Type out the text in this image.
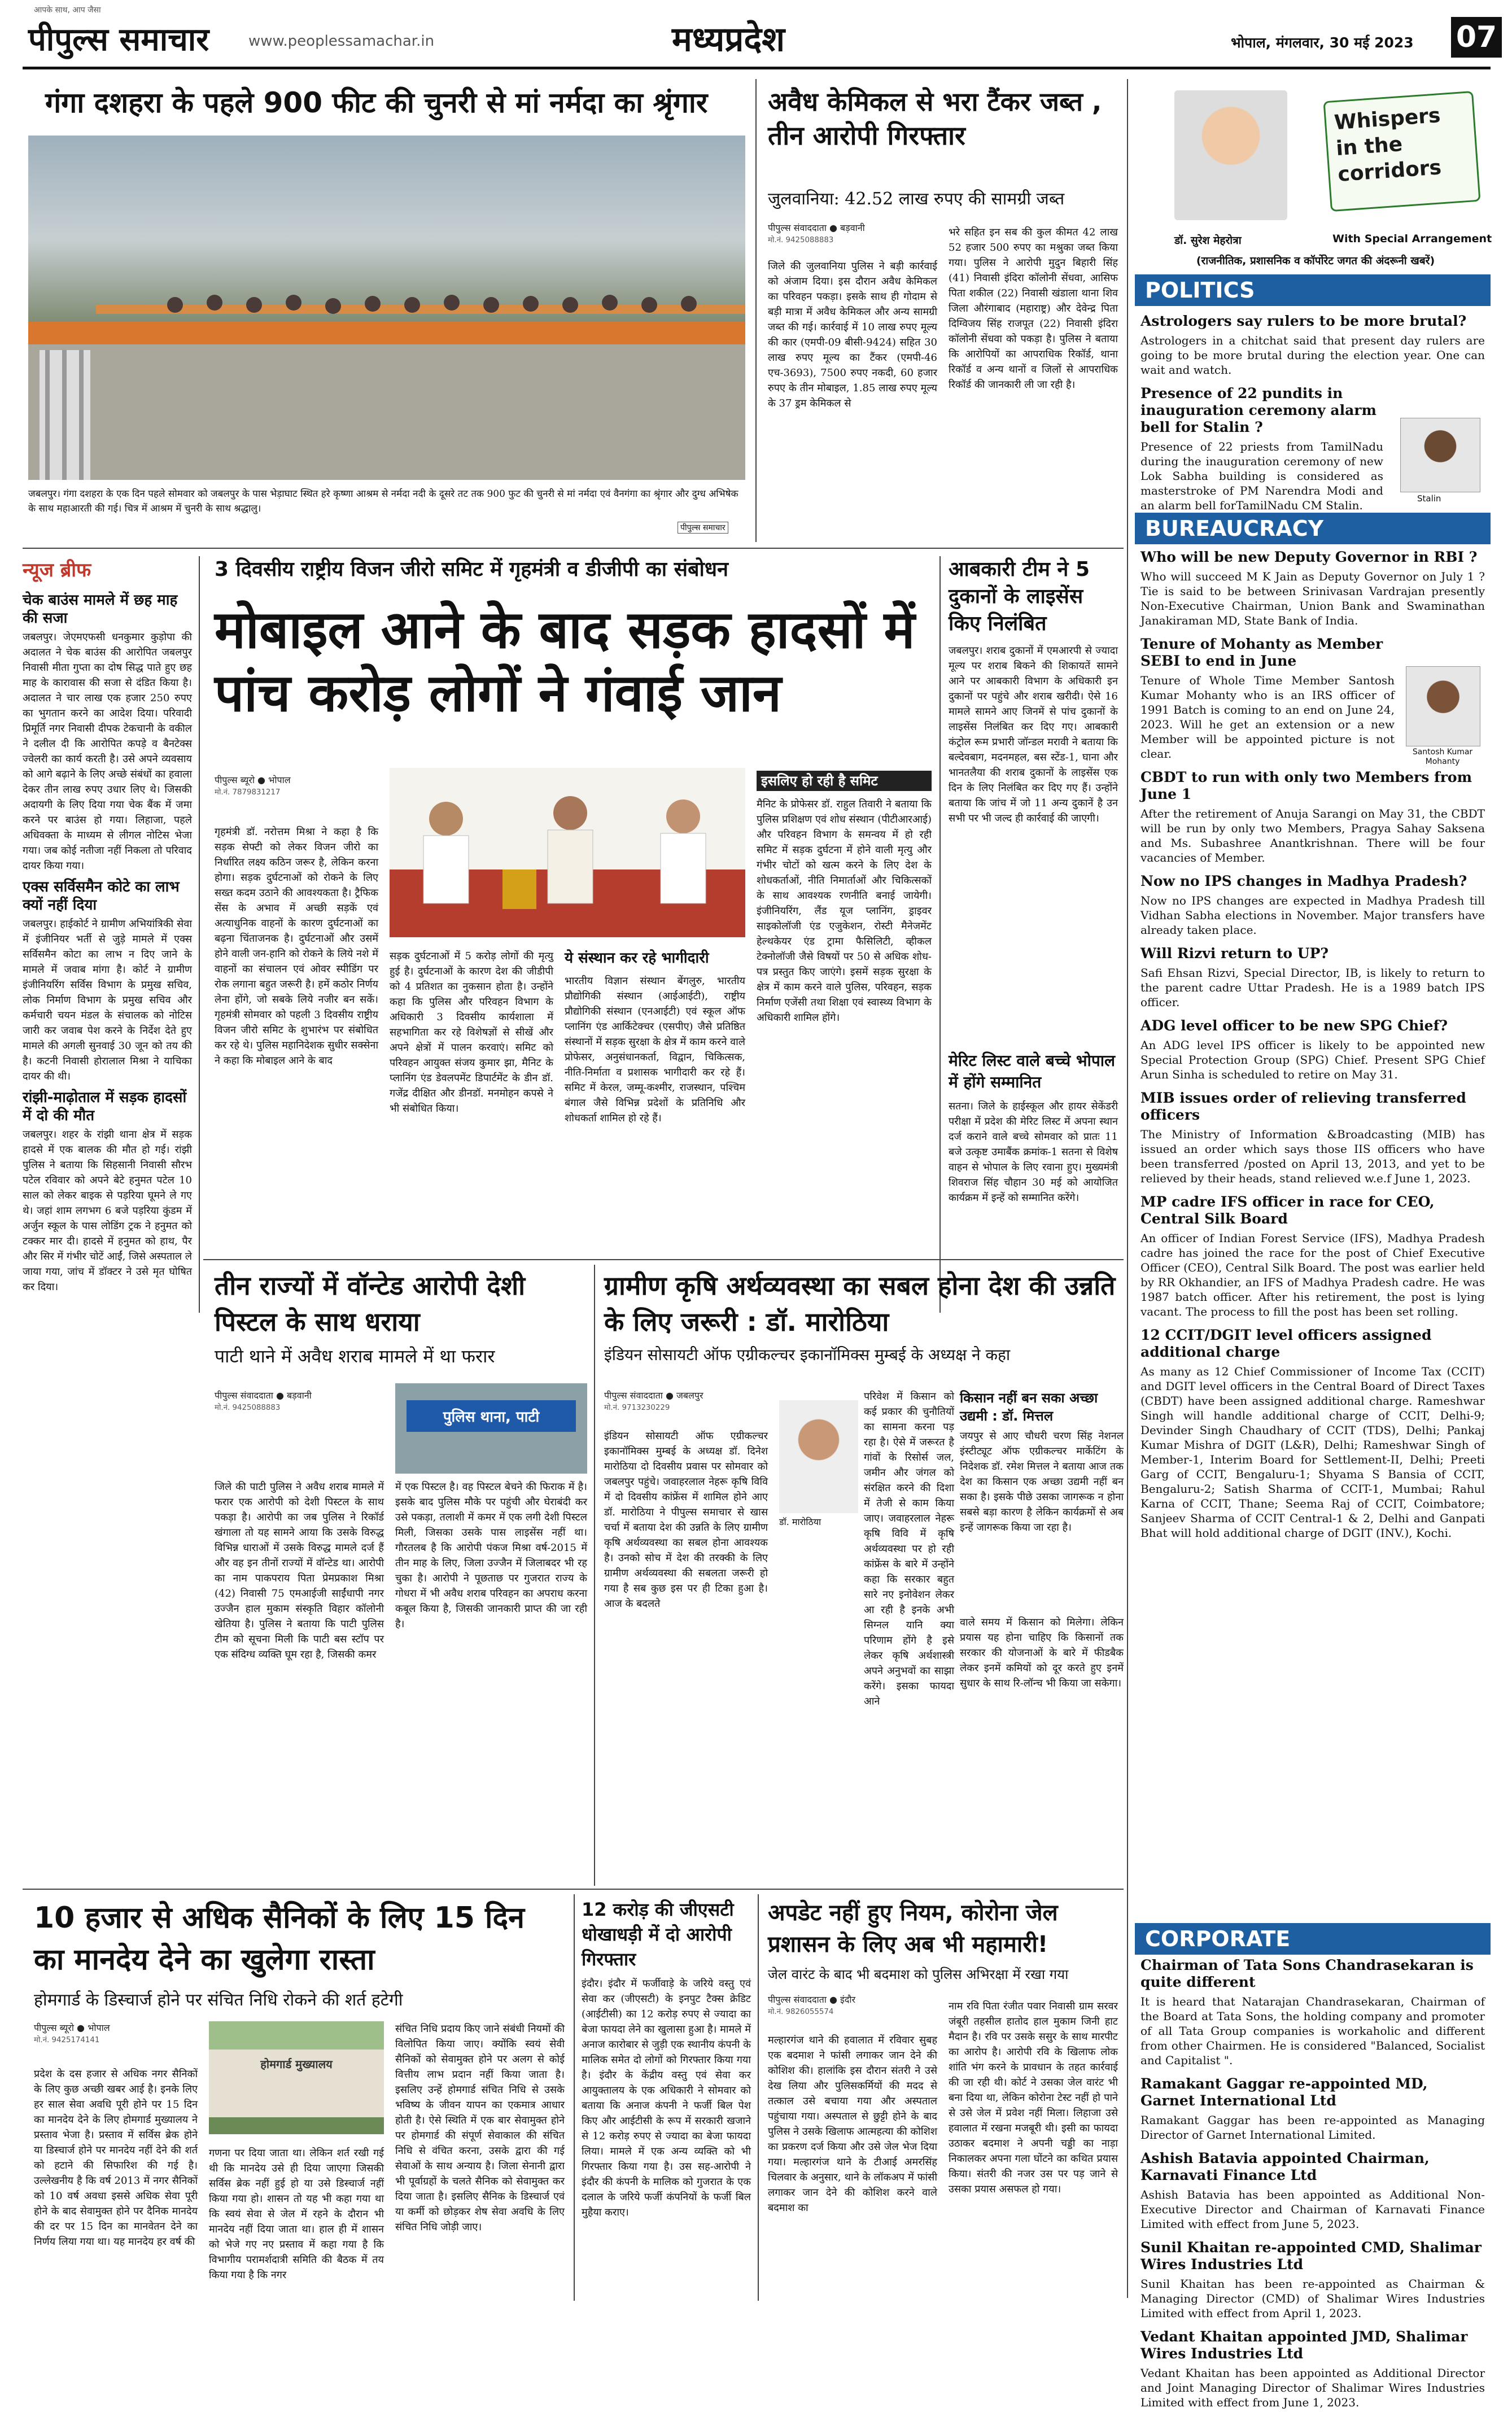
पीपुल्स समाचार
आपके साथ, आप जैसा
www.peoplessamachar.in	मध्यप्रदेश	भोपाल, मंगलवार, 30 मई 2023 07
गंगा दशहरा के पहले 900 फीट की चुनरी से मां नर्मदा का श्रृंगार
जबलपुर। गंगा दशहरा के एक दिन पहले सोमवार को जबलपुर के पास भेड़ाघाट स्थित हरे कृष्णा आश्रम से नर्मदा नदी के दूसरे तट तक 900 फुट की चुनरी से मां नर्मदा एवं वैनगंगा का श्रृंगार और दुग्ध अभिषेक के साथ महाआरती की गई। चित्र में आश्रम में चुनरी के साथ श्रद्धालु।
पीपुल्स समाचार
अवैध केमिकल से भरा टैंकर जब्त , तीन आरोपी गिरफ्तार
जुलवानिया: 42.52 लाख रुपए की सामग्री जब्त
पीपुल्स संवाददाता ● बड़वानी
मो.नं. 9425088883
जिले की जुलवानिया पुलिस ने बड़ी कार्रवाई को अंजाम दिया। इस दौरान अवैध केमिकल का परिवहन पकड़ा। इसके साथ ही गोदाम से बड़ी मात्रा में अवैध केमिकल और अन्य सामग्री जब्त की गई। कार्रवाई में 10 लाख रुपए मूल्य की कार (एमपी-09 बीसी-9424) सहित 30 लाख रुपए मूल्य का टैंकर (एमपी-46 एच-3693), 7500 रुपए नकदी, 60 हजार रुपए के तीन मोबाइल, 1.85 लाख रुपए मूल्य के 37 ड्रम केमिकल से
भरे सहित इन सब की कुल कीमत 42 लाख 52 हजार 500 रुपए का मश्रुका जब्त किया गया। पुलिस ने आरोपी मुदुन बिहारी सिंह (41) निवासी इंदिरा कॉलोनी सेंधवा, आसिफ पिता शकील (22) निवासी खंडाला थाना शिव जिला औरंगाबाद (महाराष्ट्र) और देवेन्द्र पिता दिग्विजय सिंह राजपूत (22) निवासी इंदिरा कॉलोनी सेंधवा को पकड़ा है। पुलिस ने बताया कि आरोपियों का आपराधिक रिकॉर्ड, थाना रिकॉर्ड व अन्य थानों व जिलों से आपराधिक रिकॉर्ड की जानकारी ली जा रही है।
Whispers in the corridors
डॉ. सुरेश मेहरोत्रा	With Special Arrangement
(राजनीतिक, प्रशासनिक व कॉर्पोरेट जगत की अंदरूनी खबरें)
POLITICS
Astrologers say rulers to be more brutal?
Astrologers in a chitchat said that present day rulers are going to be more brutal during the election year. One can wait and watch.
Presence of 22 pundits in inauguration ceremony alarm bell for Stalin ?
Presence of 22 priests from TamilNadu during the inauguration ceremony of new Lok Sabha building is considered as masterstroke of PM Narendra Modi and an alarm bell forTamilNadu CM Stalin.	Stalin
BUREAUCRACY
Who will be new Deputy Governor in RBI ?
Who will succeed M K Jain as Deputy Governor on July 1 ? Tie is said to be between Srinivasan Vardrajan presently Non-Executive Chairman, Union Bank and Swaminathan Janakiraman MD, State Bank of India.
Tenure of Mohanty as Member SEBI to end in June
Tenure of Whole Time Member Santosh Kumar Mohanty who is an IRS officer of 1991 Batch is coming to an end on June 24, 2023. Will he get an extension or a new Member will be appointed picture is not clear.
CBDT to run with only two Members from June 1
After the retirement of Anuja Sarangi on May 31, the CBDT will be run by only two Members, Pragya Sahay Saksena and Ms. Subashree Anantkrishnan. There will be four vacancies of Member.
Now no IPS changes in Madhya Pradesh?
Now no IPS changes are expected in Madhya Pradesh till Vidhan Sabha elections in November. Major transfers have already taken place.
Will Rizvi return to UP?
Safi Ehsan Rizvi, Special Director, IB, is likely to return to the parent cadre Uttar Pradesh. He is a 1989 batch IPS officer.
ADG level officer to be new SPG Chief?
An ADG level IPS officer is likely to be appointed new Special Protection Group (SPG) Chief. Present SPG Chief Arun Sinha is scheduled to retire on May 31.
MIB issues order of relieving transferred officers
The Ministry of Information &Broadcasting (MIB) has issued an order which says those IIS officers who have been transferred /posted on April 13, 2013, and yet to be relieved by their heads, stand relieved w.e.f June 1, 2023.
MP cadre IFS officer in race for CEO, Central Silk Board
An officer of Indian Forest Service (IFS), Madhya Pradesh cadre has joined the race for the post of Chief Executive Officer (CEO), Central Silk Board. The post was earlier held by RR Okhandier, an IFS of Madhya Pradesh cadre. He was 1987 batch officer. After his retirement, the post is lying vacant. The process to fill the post has been set rolling.
12 CCIT/DGIT level officers assigned additional charge
As many as 12 Chief Commissioner of Income Tax (CCIT) and DGIT level officers in the Central Board of Direct Taxes (CBDT) have been assigned additional charge. Rameshwar Singh will handle additional charge of CCIT, Delhi-9; Devinder Singh Chaudhary of CCIT (TDS), Delhi; Pankaj Kumar Mishra of DGIT (L&R), Delhi; Rameshwar Singh of Member-1, Interim Board for Settlement-II, Delhi; Preeti Garg of CCIT, Bengaluru-1; Shyama S Bansia of CCIT, Bengaluru-2; Satish Sharma of CCIT-1, Mumbai; Rahul Karna of CCIT, Thane; Seema Raj of CCIT, Coimbatore; Sanjeev Sharma of CCIT Central-1 & 2, Delhi and Ganpati Bhat will hold additional charge of DGIT (INV.), Kochi.
Santosh Kumar Mohanty
CORPORATE
Chairman of Tata Sons Chandrasekaran is quite different
It is heard that Natarajan Chandrasekaran, Chairman of the Board at Tata Sons, the holding company and promoter of all Tata Group companies is workaholic and different from other Chairmen. He is considered "Balanced, Socialist and Capitalist ".
Ramakant Gaggar re-appointed MD, Garnet International Ltd
Ramakant Gaggar has been re-appointed as Managing Director of Garnet International Limited.
Ashish Batavia appointed Chairman, Karnavati Finance Ltd
Ashish Batavia has been appointed as Additional Non-Executive Director and Chairman of Karnavati Finance Limited with effect from June 5, 2023.
Sunil Khaitan re-appointed CMD, Shalimar Wires Industries Ltd
Sunil Khaitan has been re-appointed as Chairman & Managing Director (CMD) of Shalimar Wires Industries Limited with effect from April 1, 2023.
Vedant Khaitan appointed JMD, Shalimar Wires Industries Ltd
Vedant Khaitan has been appointed as Additional Director and Joint Managing Director of Shalimar Wires Industries Limited with effect from June 1, 2023.
न्यूज ब्रीफ
चेक बाउंस मामले में छह माह की सजा
जबलपुर। जेएमएफसी धनकुमार कुड़ोपा की अदालत ने चेक बाउंस की आरोपित जबलपुर निवासी मीता गुप्ता का दोष सिद्ध पाते हुए छह माह के कारावास की सजा से दंडित किया है। अदालत ने चार लाख एक हजार 250 रुपए का भुगतान करने का आदेश दिया। परिवादी प्रिमूर्ति नगर निवासी दीपक टेकचानी के वकील ने दलील दी कि आरोपित कपड़े व बैनटेक्स ज्वेलरी का कार्य करती है। उसे अपने व्यवसाय को आगे बढ़ाने के लिए अच्छे संबंधों का हवाला देकर तीन लाख रुपए उधार लिए थे। जिसकी अदायगी के लिए दिया गया चेक बैंक में जमा करने पर बाउंस हो गया। लिहाजा, पहले अधिवक्ता के माध्यम से लीगल नोटिस भेजा गया। जब कोई नतीजा नहीं निकला तो परिवाद दायर किया गया।
एक्स सर्विसमैन कोटे का लाभ क्यों नहीं दिया
जबलपुर। हाईकोर्ट ने ग्रामीण अभियांत्रिकी सेवा में इंजीनियर भर्ती से जुड़े मामले में एक्स सर्विसमैन कोटा का लाभ न दिए जाने के मामले में जवाब मांगा है। कोर्ट ने ग्रामीण इंजीनियरिंग सर्विस विभाग के प्रमुख सचिव, लोक निर्माण विभाग के प्रमुख सचिव और कर्मचारी चयन मंडल के संचालक को नोटिस जारी कर जवाब पेश करने के निर्देश देते हुए मामले की अगली सुनवाई 30 जून को तय की है। कटनी निवासी होरालाल मिश्रा ने याचिका दायर की थी।
रांझी-माढ़ोताल में सड़क हादसों में दो की मौत
जबलपुर। शहर के रांझी थाना क्षेत्र में सड़क हादसे में एक बालक की मौत हो गई। रांझी पुलिस ने बताया कि सिहसानी निवासी सौरभ पटेल रविवार को अपने बेटे हनुमत पटेल 10 साल को लेकर बाइक से पड़रिया घूमने ले गए थे। जहां शाम लगभग 6 बजे पड़रिया कुंडम में अर्जुन स्कूल के पास लोडिंग ट्रक ने हनुमत को टक्कर मार दी। हादसे में हनुमत को हाथ, पैर और सिर में गंभीर चोटें आईं, जिसे अस्पताल ले जाया गया, जांच में डॉक्टर ने उसे मृत घोषित कर दिया।
3 दिवसीय राष्ट्रीय विजन जीरो समिट में गृहमंत्री व डीजीपी का संबोधन
मोबाइल आने के बाद सड़क हादसों में पांच करोड़ लोगों ने गंवाई जान
पीपुल्स ब्यूरो ● भोपाल
मो.नं. 7879831217
गृहमंत्री डॉ. नरोत्तम मिश्रा ने कहा है कि सड़क सेफ्टी को लेकर विजन जीरो का निर्धारित लक्ष्य कठिन जरूर है, लेकिन करना होगा। सड़क दुर्घटनाओं को रोकने के लिए सख्त कदम उठाने की आवश्यकता है। ट्रैफिक सेंस के अभाव में अच्छी सड़कें एवं अत्याधुनिक वाहनों के कारण दुर्घटनाओं का बढ़ना चिंताजनक है। दुर्घटनाओं और उसमें होने वाली जन-हानि को रोकने के लिये नशे में वाहनों का संचालन एवं ओवर स्पीडिंग पर रोक लगाना बहुत जरूरी है। हमें कठोर निर्णय लेना होंगे, जो सबके लिये नजीर बन सकें। गृहमंत्री सोमवार को पहली 3 दिवसीय राष्ट्रीय विजन जीरो समिट के शुभारंभ पर संबोधित कर रहे थे। पुलिस महानिदेशक सुधीर सक्सेना ने कहा कि मोबाइल आने के बाद
सड़क दुर्घटनाओं में 5 करोड़ लोगों की मृत्यु हुई है। दुर्घटनाओं के कारण देश की जीडीपी को 4 प्रतिशत का नुकसान होता है। उन्होंने कहा कि पुलिस और परिवहन विभाग के अधिकारी 3 दिवसीय कार्यशाला में सहभागिता कर रहे विशेषज्ञों से सीखें और अपने क्षेत्रों में पालन करवाएं। समिट को परिवहन आयुक्त संजय कुमार झा, मैनिट के प्लानिंग एंड डेवलपमेंट डिपार्टमेंट के डीन डॉ. गजेंद्र दीक्षित और डीनडॉ. मनमोहन कपसे ने भी संबोधित किया।
ये संस्थान कर रहे भागीदारी
भारतीय विज्ञान संस्थान बेंगलुरु, भारतीय प्रौद्योगिकी संस्थान (आईआईटी), राष्ट्रीय प्रौद्योगिकी संस्थान (एनआईटी) एवं स्कूल ऑफ प्लानिंग एंड आर्किटेक्चर (एसपीए) जैसे प्रतिष्ठित संस्थानों में सड़क सुरक्षा के क्षेत्र में काम करने वाले प्रोफेसर, अनुसंधानकर्ता, विद्वान, चिकित्सक, नीति-निर्माता व प्रशासक भागीदारी कर रहे हैं। समिट में केरल, जम्मू-कश्मीर, राजस्थान, पश्चिम बंगाल जैसे विभिन्न प्रदेशों के प्रतिनिधि और शोधकर्ता शामिल हो रहे हैं।
इसलिए हो रही है समिट
मैनिट के प्रोफेसर डॉ. राहुल तिवारी ने बताया कि पुलिस प्रशिक्षण एवं शोध संस्थान (पीटीआरआई) और परिवहन विभाग के समन्वय में हो रही समिट में सड़क दुर्घटना में होने वाली मृत्यु और गंभीर चोटों को खत्म करने के लिए देश के शोधकर्ताओं, नीति निमार्ताओं और चिकित्सकों के साथ आवश्यक रणनीति बनाई जायेगी। इंजीनियरिंग, लैंड यूज प्लानिंग, ड्राइवर साइकोलॉजी एंड एजुकेशन, रोस्टी मैनेजमेंट हेल्थकेयर एंड ट्रामा फैसिलिटी, व्हीकल टेक्नोलॉजी जैसे विषयों पर 50 से अधिक शोध-पत्र प्रस्तुत किए जाएंगे। इसमें सड़क सुरक्षा के क्षेत्र में काम करने वाले पुलिस, परिवहन, सड़क निर्माण एजेंसी तथा शिक्षा एवं स्वास्थ्य विभाग के अधिकारी शामिल होंगे।
आबकारी टीम ने 5 दुकानों के लाइसेंस किए निलंबित
जबलपुर। शराब दुकानों में एमआरपी से ज्यादा मूल्य पर शराब बिकने की शिकायतें सामने आने पर आबकारी विभाग के अधिकारी इन दुकानों पर पहुंचे और शराब खरीदी। ऐसे 16 मामले सामने आए जिनमें से पांच दुकानों के लाइसेंस निलंबित कर दिए गए। आबकारी कंट्रोल रूम प्रभारी जॉन्डल मरावी ने बताया कि बल्देवबाग, मदनमहल, बस स्टेंड-1, घाना और भानतलैया की शराब दुकानों के लाइसेंस एक दिन के लिए निलंबित कर दिए गए हैं। उन्होंने बताया कि जांच में जो 11 अन्य दुकानें है उन सभी पर भी जल्द ही कार्रवाई की जाएगी।
मेरिट लिस्ट वाले बच्चे भोपाल में होंगे सम्मानित
सतना। जिले के हाईस्कूल और हायर सेकेंडरी परीक्षा में प्रदेश की मेरिट लिस्ट में अपना स्थान दर्ज कराने वाले बच्चे सोमवार को प्रातः 11 बजे उत्कृष्ट उमाबैंक क्रमांक-1 सतना से विशेष वाहन से भोपाल के लिए रवाना हुए। मुख्यमंत्री शिवराज सिंह चौहान 30 मई को आयोजित कार्यक्रम में इन्हें को सम्मानित करेंगे।
तीन राज्यों में वॉन्टेड आरोपी देशी पिस्टल के साथ धराया
पाटी थाने में अवैध शराब मामले में था फरार
पीपुल्स संवाददाता ● बड़वानी
मो.नं. 9425088883
पुलिस थाना, पाटी
जिले की पाटी पुलिस ने अवैध शराब मामले में फरार एक आरोपी को देशी पिस्टल के साथ पकड़ा है। आरोपी का जब पुलिस ने रिकॉर्ड खंगाला तो यह सामने आया कि उसके विरुद्ध विभिन्न धाराओं में उसके विरुद्ध मामले दर्ज हैं और वह इन तीनों राज्यों में वॉन्टेड था। आरोपी का नाम पाकपराय पिता प्रेमप्रकाश मिश्रा (42) निवासी 75 एमआईजी साईंधापी नगर उज्जैन हाल मुकाम संस्कृति विहार कॉलोनी खेतिया है। पुलिस ने बताया कि पाटी पुलिस टीम को सूचना मिली कि पाटी बस स्टॉप पर एक संदिग्ध व्यक्ति घूम रहा है, जिसकी कमर
में एक पिस्टल है। वह पिस्टल बेचने की फिराक में है। इसके बाद पुलिस मौके पर पहुंची और घेराबंदी कर उसे पकड़ा, तलाशी में कमर में एक लगी देशी पिस्टल मिली, जिसका उसके पास लाइसेंस नहीं था। गौरतलब है कि आरोपी पंकज मिश्रा वर्ष-2015 में तीन माह के लिए, जिला उज्जैन में जिलाबदर भी रह चुका है। आरोपी ने पूछताछ पर गुजरात राज्य के गोधरा में भी अवैध शराब परिवहन का अपराध करना कबूल किया है, जिसकी जानकारी प्राप्त की जा रही है।
ग्रामीण कृषि अर्थव्यवस्था का सबल होना देश की उन्नति के लिए जरूरी : डॉ. मारोठिया
इंडियन सोसायटी ऑफ एग्रीकल्चर इकानॉमिक्स मुम्बई के अध्यक्ष ने कहा
पीपुल्स संवाददाता ● जबलपुर
मो.नं. 9713230229
इंडियन सोसायटी ऑफ एग्रीकल्चर इकानॉमिक्स मुम्बई के अध्यक्ष डॉ. दिनेश मारोठिया दो दिवसीय प्रवास पर सोमवार को जबलपुर पहुंचे। जवाहरलाल नेहरू कृषि विवि में दो दिवसीय कांफ्रेंस में शामिल होने आए डॉ. मारोठिया ने पीपुल्स समाचार से खास चर्चा में बताया देश की उन्नति के लिए ग्रामीण कृषि अर्थव्यवस्था का सबल होना आवश्यक है। उनको सोच में देश की तरक्की के लिए ग्रामीण अर्थव्यवस्था की सबलता जरूरी हो गया है सब कुछ इस पर ही टिका हुआ है। आज के बदलते
डॉ. मारोठिया
परिवेश में किसान को कई प्रकार की चुनौतियों का सामना करना पड़ रहा है। ऐसे में जरूरत है गांवों के रिसोर्स जल, जमीन और जंगल को संरक्षित करने की दिशा में तेजी से काम किया जाए। जवाहरलाल नेहरू कृषि विवि में कृषि अर्थव्यवस्था पर हो रही कांफ्रेंस के बारे में उन्होंने कहा कि सरकार बहुत सारे नए इनोवेशन लेकर आ रही है इनके अभी सिग्नल यानि क्या परिणाम होंगे है इसे लेकर कृषि अर्थशास्त्री अपने अनुभवों का साझा करेंगे। इसका फायदा आने
किसान नहीं बन सका अच्छा उद्यमी : डॉ. मित्तल
जयपुर से आए चौधरी चरण सिंह नेशनल इंस्टीट्यूट ऑफ एग्रीकल्चर मार्केटिंग के निदेशक डॉ. रमेश मित्तल ने बताया आज तक देश का किसान एक अच्छा उद्यमी नहीं बन सका है। इसके पीछे उसका जागरूक न होना सबसे बड़ा कारण है लेकिन कार्यक्रमों से अब इन्हें जागरूक किया जा रहा है।
वाले समय में किसान को मिलेगा। लेकिन प्रयास यह होना चाहिए कि किसानों तक सरकार की योजनाओं के बारे में फीडबैक लेकर इनमें कमियों को दूर करते हुए इनमें सुधार के साथ रि-लॉन्च भी किया जा सकेगा।
10 हजार से अधिक सैनिकों के लिए 15 दिन का मानदेय देने का खुलेगा रास्ता
होमगार्ड के डिस्चार्ज होने पर संचित निधि रोकने की शर्त हटेगी
पीपुल्स ब्यूरो ● भोपाल
मो.नं. 9425174141
प्रदेश के दस हजार से अधिक नगर सैनिकों के लिए कुछ अच्छी खबर आई है। इनके लिए हर साल सेवा अवधि पूरी होने पर 15 दिन का मानदेय देने के लिए होमगार्ड मुख्यालय ने प्रस्ताव भेजा है। प्रस्ताव में सर्विस ब्रेक होने या डिस्चार्ज होने पर मानदेय नहीं देने की शर्त को हटाने की सिफारिश की गई है। उल्लेखनीय है कि वर्ष 2013 में नगर सैनिकों को 10 वर्ष अवधा इससे अधिक सेवा पूरी होने के बाद सेवामुक्त होने पर दैनिक मानदेय की दर पर 15 दिन का मानवेतन देने का निर्णय लिया गया था। यह मानदेय हर वर्ष की
होमगार्ड मुख्यालय
गणना पर दिया जाता था। लेकिन शर्त रखी गई थी कि मानदेय उसे ही दिया जाएगा जिसकी सर्विस ब्रेक नहीं हुई हो या उसे डिस्चार्ज नहीं किया गया हो। शासन तो यह भी कहा गया था कि स्वयं सेवा से जेल में रहने के दौरान भी मानदेय नहीं दिया जाता था। हाल ही में शासन को भेजे गए नए प्रस्ताव में कहा गया है कि विभागीय परामर्शदात्री समिति की बैठक में तय किया गया है कि नगर
संचित निधि प्रदाय किए जाने संबंधी नियमों की विलोपित किया जाए। क्योंकि स्वयं सेवी सैनिकों को सेवामुक्त होने पर अलग से कोई वित्तीय लाभ प्रदान नहीं किया जाता है। इसलिए उन्हें होमगार्ड संचित निधि से उसके भविष्य के जीवन यापन का एकमात्र आधार होती है। ऐसे स्थिति में एक बार सेवामुक्त होने पर होमगार्ड की संपूर्ण सेवाकाल की संचित निधि से वंचित करना, उसके द्वारा की गई सेवाओं के साथ अन्याय है। जिला सेनानी द्वारा भी पूर्वाग्रहों के चलते सैनिक को सेवामुक्त कर दिया जाता है। इसलिए सैनिक के डिस्चार्ज एवं या कर्मी को छोड़कर शेष सेवा अवधि के लिए संचित निधि जोड़ी जाए।
12 करोड़ की जीएसटी धोखाधड़ी में दो आरोपी गिरफ्तार
इंदौर। इंदौर में फर्जीवाड़े के जरिये वस्तु एवं सेवा कर (जीएसटी) के इनपुट टैक्स क्रेडिट (आईटीसी) का 12 करोड़ रुपए से ज्यादा का बेजा फायदा लेने का खुलासा हुआ है। मामले में अनाज कारोबार से जुड़ी एक स्थानीय कंपनी के मालिक समेत दो लोगों को गिरफ्तार किया गया है। इंदौर के केंद्रीय वस्तु एवं सेवा कर आयुक्तालय के एक अधिकारी ने सोमवार को बताया कि अनाज कंपनी ने फर्जी बिल पेश किए और आईटीसी के रूप में सरकारी खजाने से 12 करोड़ रुपए से ज्यादा का बेजा फायदा लिया। मामले में एक अन्य व्यक्ति को भी गिरफ्तार किया गया है। उस सह-आरोपी ने इंदौर की कंपनी के मालिक को गुजरात के एक दलाल के जरिये फर्जी कंपनियों के फर्जी बिल मुहैया कराए।
अपडेट नहीं हुए नियम, कोरोना जेल प्रशासन के लिए अब भी महामारी!
जेल वारंट के बाद भी बदमाश को पुलिस अभिरक्षा में रखा गया
पीपुल्स संवाददाता ● इंदौर
मो.नं. 9826055574
मल्हारगंज थाने की हवालात में रविवार सुबह एक बदमाश ने फांसी लगाकर जान देने की कोशिश की। हालांकि इस दौरान संतरी ने उसे देख लिया और पुलिसकर्मियों की मदद से तत्काल उसे बचाया गया और अस्पताल पहुंचाया गया। अस्पताल से छुट्टी होने के बाद पुलिस ने उसके खिलाफ आत्महत्या की कोशिश का प्रकरण दर्ज किया और उसे जेल भेज दिया गया। मल्हारगंज थाने के टीआई अमरसिंह चिलवार के अनुसार, थाने के लॉकअप में फांसी लगाकर जान देने की कोशिश करने वाले बदमाश का
नाम रवि पिता रंजीत पवार निवासी ग्राम सरवर जंबूरी तहसील हातोद हाल मुकाम जिनी हाट मैदान है। रवि पर उसके ससुर के साथ मारपीट का आरोप है। आरोपी रवि के खिलाफ लोक शांति भंग करने के प्रावधान के तहत कार्रवाई की जा रही थी। कोर्ट ने उसका जेल वारंट भी बना दिया था, लेकिन कोरोना टेस्ट नहीं हो पाने से उसे जेल में प्रवेश नहीं मिला। लिहाजा उसे हवालात में रखना मजबूरी थी। इसी का फायदा उठाकर बदमाश ने अपनी चड्डी का नाड़ा निकालकर अपना गला घोंटने का कथित प्रयास किया। संतरी की नजर उस पर पड़ जाने से उसका प्रयास असफल हो गया।
